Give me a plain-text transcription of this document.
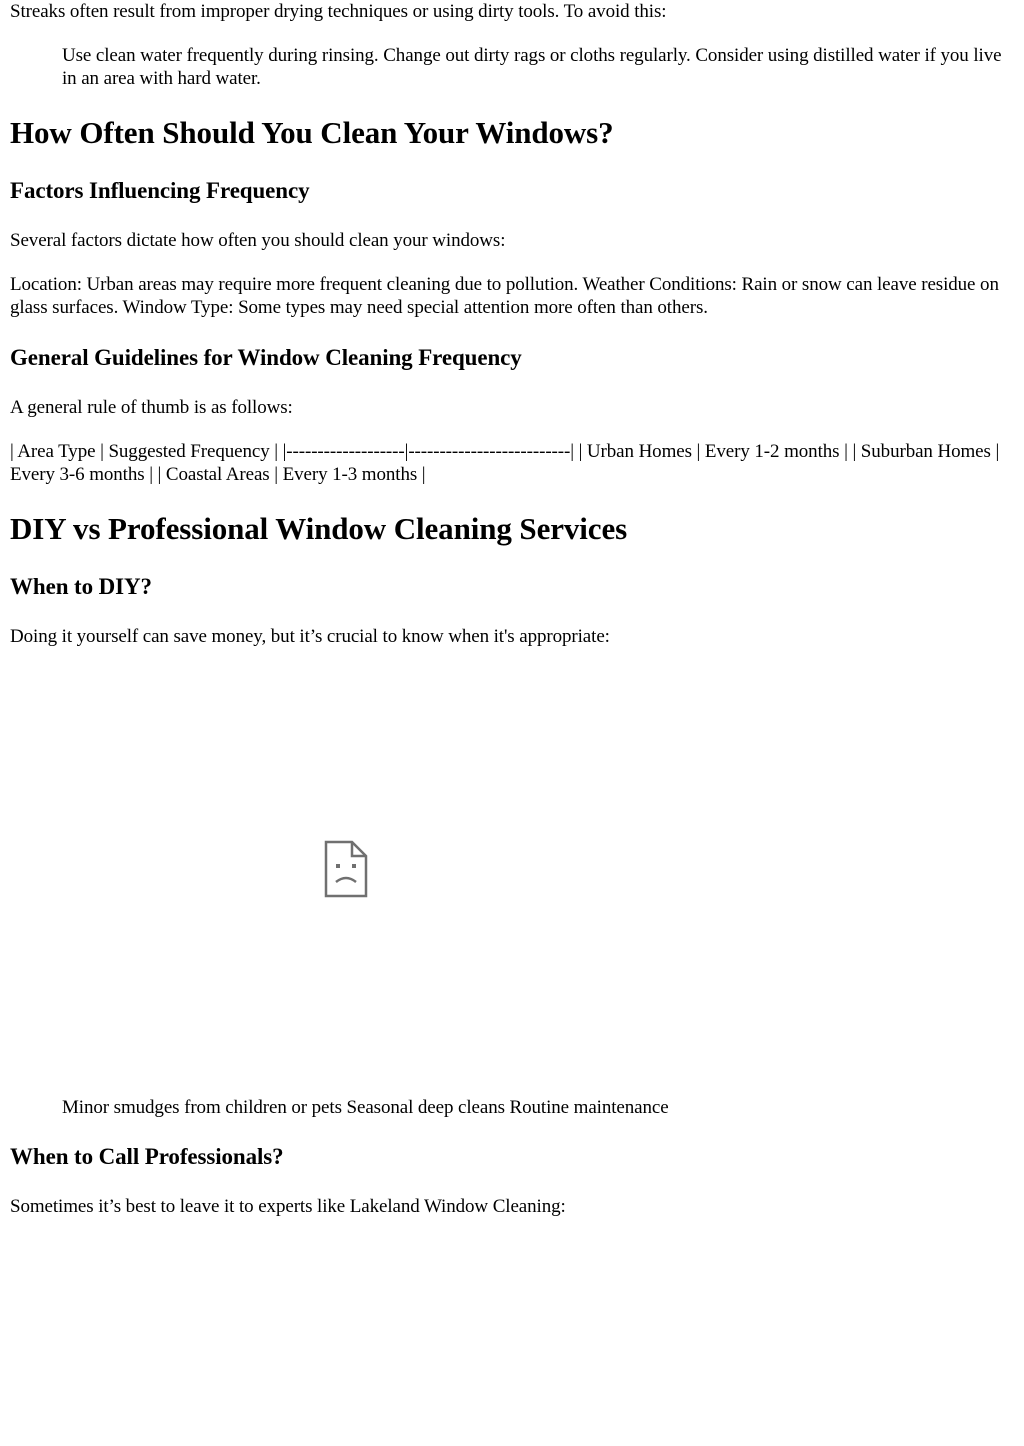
Streaks often result from improper drying techniques or using dirty tools. To avoid this:

Use clean water frequently during rinsing. Change out dirty rags or cloths regularly. Consider using distilled water if you live in an area with hard water.
How Often Should You Clean Your Windows?
Factors Influencing Frequency

Several factors dictate how often you should clean your windows:

Location: Urban areas may require more frequent cleaning due to pollution. Weather Conditions: Rain or snow can leave residue on glass surfaces. Window Type: Some types may need special attention more often than others.

General Guidelines for Window Cleaning Frequency

A general rule of thumb is as follows:

| Area Type | Suggested Frequency | |-------------------|--------------------------| | Urban Homes | Every 1-2 months | | Suburban Homes | Every 3-6 months | | Coastal Areas | Every 1-3 months |

DIY vs Professional Window Cleaning Services
When to DIY?

Doing it yourself can save money, but it’s crucial to know when it's appropriate:

Minor smudges from children or pets Seasonal deep cleans Routine maintenance
When to Call Professionals?

Sometimes it’s best to leave it to experts like Lakeland Window Cleaning:
